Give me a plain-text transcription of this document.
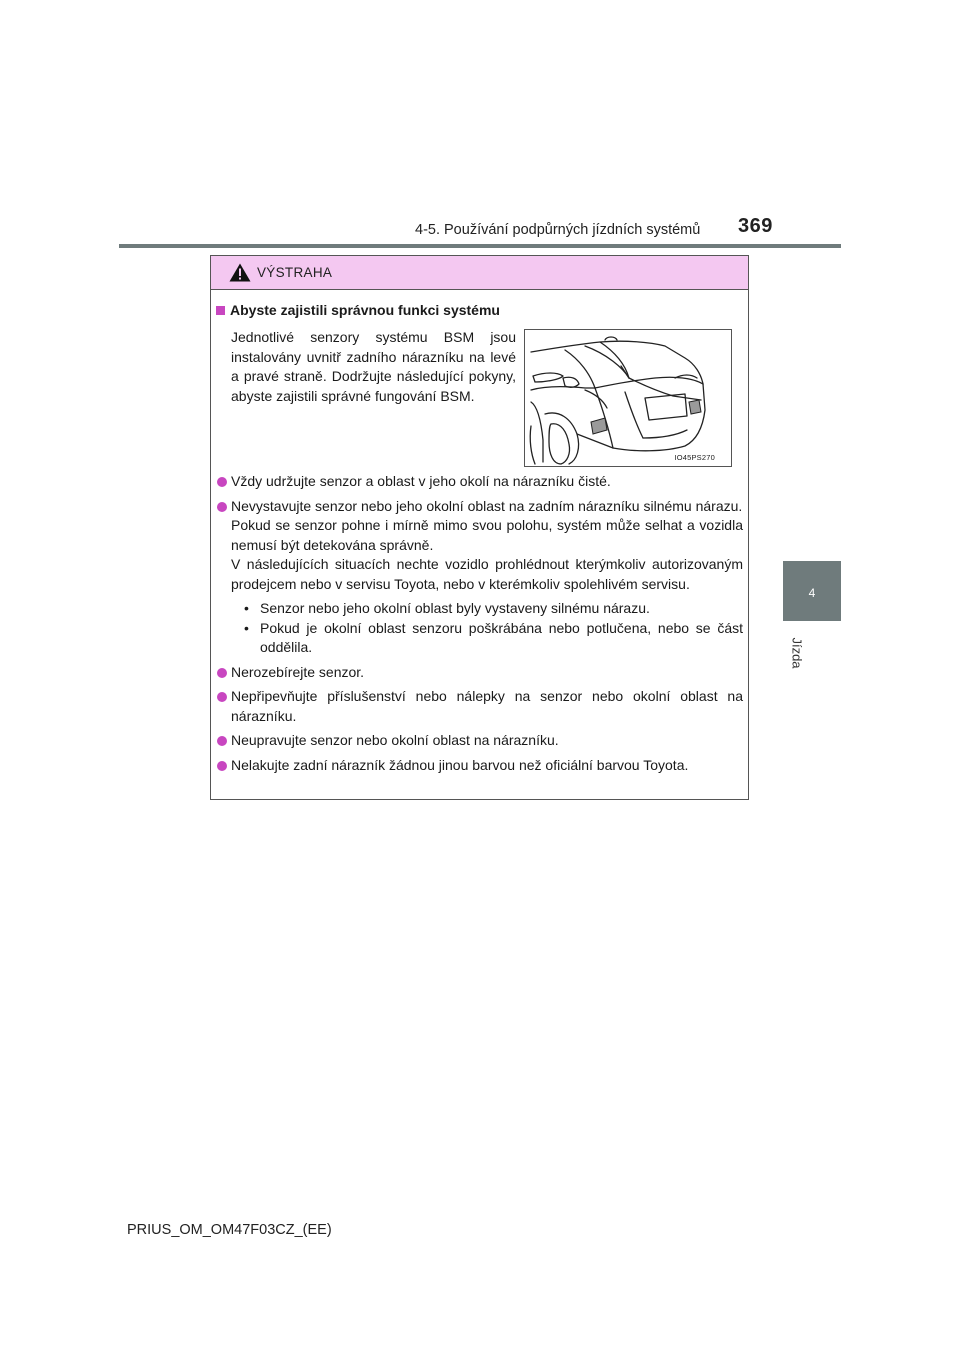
4-5. Používání podpůrných jízdních systémů 369
4
Jízda
VÝSTRAHA
Abyste zajistili správnou funkci systému
Jednotlivé senzory systému BSM jsou instalovány uvnitř zadního nárazníku na levé a pravé straně. Dodržujte následující pokyny, abyste zajistili správné fungování BSM.
IO45PS270
Vždy udržujte senzor a oblast v jeho okolí na nárazníku čisté.
Nevystavujte senzor nebo jeho okolní oblast na zadním nárazníku silnému nárazu.
Pokud se senzor pohne i mírně mimo svou polohu, systém může selhat a vozidla nemusí být detekována správně.
V následujících situacích nechte vozidlo prohlédnout kterýmkoliv autorizovaným prodejcem nebo v servisu Toyota, nebo v kterémkoliv spolehlivém servisu.
• Senzor nebo jeho okolní oblast byly vystaveny silnému nárazu.
• Pokud je okolní oblast senzoru poškrábána nebo potlučena, nebo se část oddělila.
Nerozebírejte senzor.
Nepřipevňujte příslušenství nebo nálepky na senzor nebo okolní oblast na nárazníku.
Neupravujte senzor nebo okolní oblast na nárazníku.
Nelakujte zadní nárazník žádnou jinou barvou než oficiální barvou Toyota.
PRIUS_OM_OM47F03CZ_(EE)
